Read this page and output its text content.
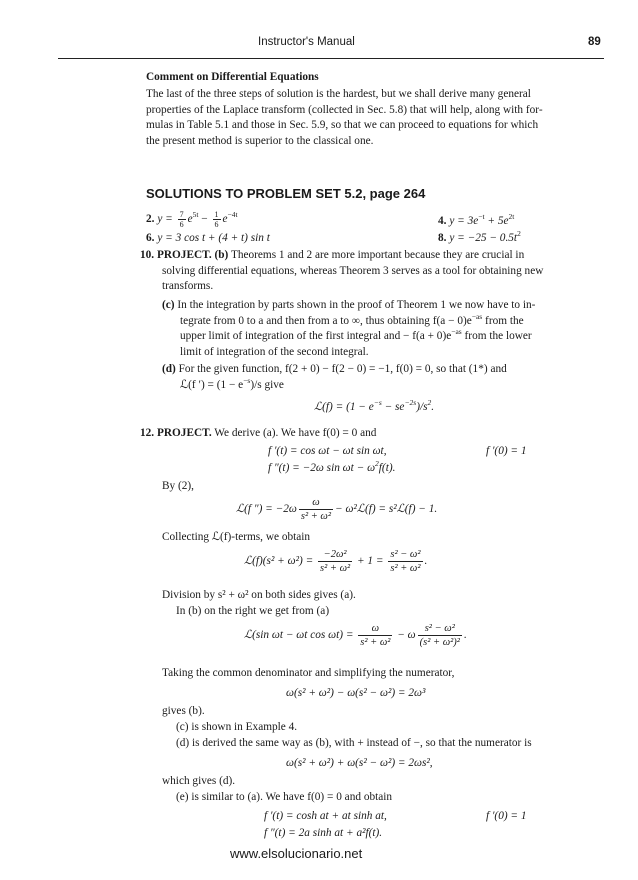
Instructor's Manual	89
Comment on Differential Equations
The last of the three steps of solution is the hardest, but we shall derive many general
properties of the Laplace transform (collected in Sec. 5.8) that will help, along with for-
mulas in Table 5.1 and those in Sec. 5.9, so that we can proceed to equations for which
the present method is superior to the classical one.
SOLUTIONS TO PROBLEM SET 5.2, page 264
2. $y = \frac{7}{6} e^{5t} - \frac{1}{6} e^{-4t}$
4. $y = 3e^{-t} + 5e^{2t}$
6. y = 3 cos t + (4 + t) sin t	8. $y = -25 - 0.5t^2$
10. PROJECT. (b) Theorems 1 and 2 are more important because they are crucial in
solving differential equations, whereas Theorem 3 serves as a tool for obtaining new
transforms.
(c) In the integration by parts shown in the proof of Theorem 1 we now have to in-
tegrate from 0 to a and then from a to ∞, thus obtaining $f(a - 0)e^{-as}$ from the
upper limit of integration of the first integral and − $f(a + 0)e^{-as}$ from the lower
limit of integration of the second integral.
(d) For the given function, f(2 + 0) − f(2 − 0) = −1, f(0) = 0, so that (1*) and
ℒ(f ′) = $(1 - e^{-s})/s$ give
ℒ(f) = $(1 - e^{-s} - se^{-2s})/s^2$.
12. PROJECT. We derive (a). We have f(0) = 0 and
f ′(t) = cos ωt − ωt sin ωt,	f ′(0) = 1
f ″(t) = −2ω $\sin \omega t - \omega^2f(t)$.
By (2),
ℒ(f ″) = $-2\omega \frac{\omega}{\text{s² + ω²}}$ − ω²ℒ(f) = s²ℒ(f) − 1.
Collecting ℒ(f)-terms, we obtain
ℒ(f)(s² + $\omega^2) = \frac{\text{−2ω²}}{\text{s² + ω²}} + 1 = \frac{\text{s² − ω²}}{\text{s² + ω²}}$ .
Division by s² + ω² on both sides gives (a).
In (b) on the right we get from (a)
ℒ(sin ωt − ωt $\cos \omega t) = \frac{\omega}{\text{s² + ω²}} - \omega \frac{\text{s² − ω²}}{\text{(s² + ω²)²}}$ .
Taking the common denominator and simplifying the numerator,
ω(s² + ω²) − ω(s² − ω²) = 2ω³
gives (b).
(c) is shown in Example 4.
(d) is derived the same way as (b), with + instead of −, so that the numerator is
ω(s² + ω²) + ω(s² − ω²) = 2ωs²,
which gives (d).
(e) is similar to (a). We have f(0) = 0 and obtain
f ′(t) = cosh at + at sinh at,	f ′(0) = 1
f ″(t) = 2a sinh at + a²f(t).
www.elsolucionario.net
